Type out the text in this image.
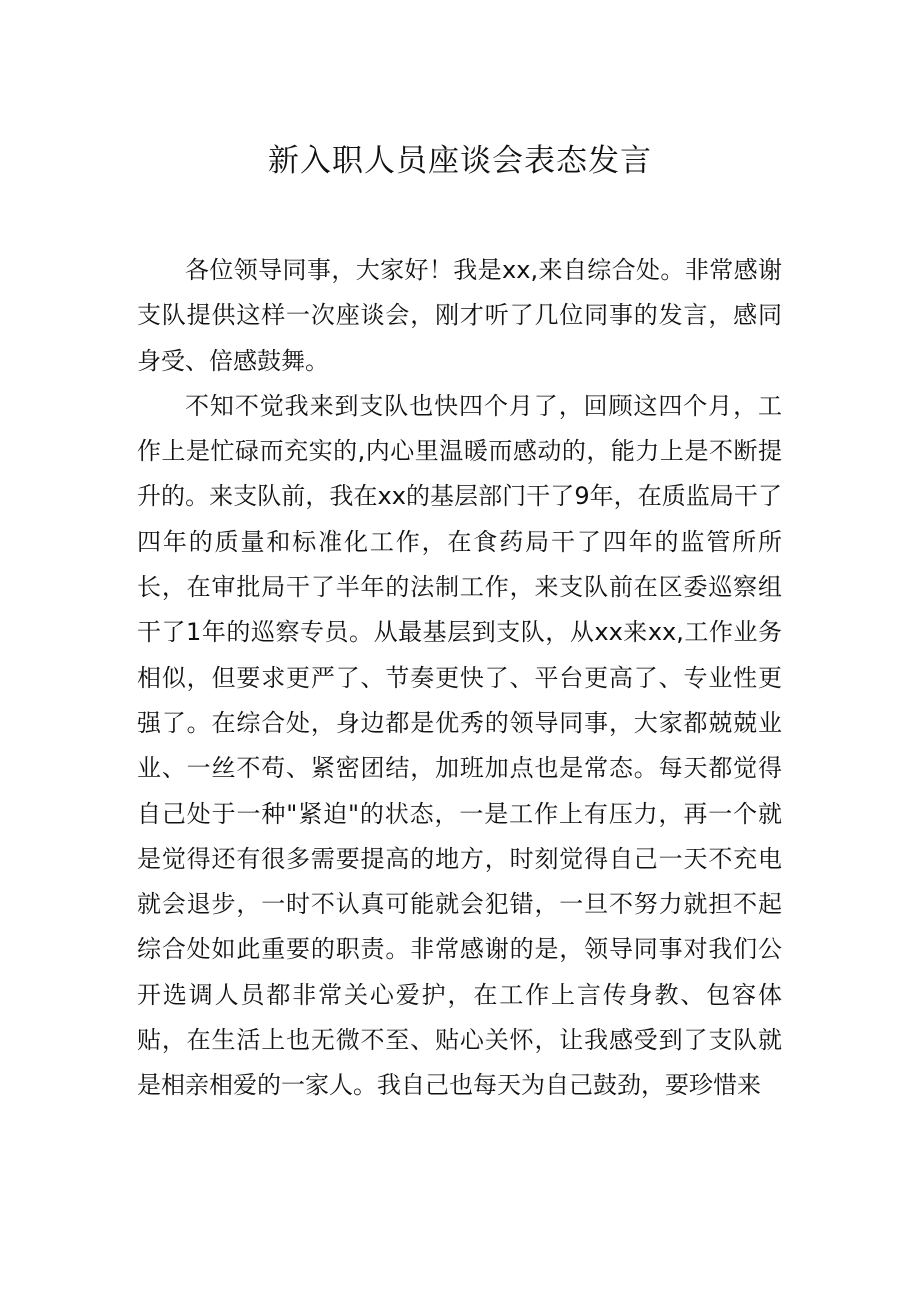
新入职人员座谈会表态发言

各位领导同事，大家好！我是xx,来自综合处。非常感谢支队提供这样一次座谈会，刚才听了几位同事的发言，感同身受、倍感鼓舞。

不知不觉我来到支队也快四个月了，回顾这四个月，工作上是忙碌而充实的,内心里温暖而感动的，能力上是不断提升的。来支队前，我在xx的基层部门干了9年，在质监局干了四年的质量和标准化工作，在食药局干了四年的监管所所长，在审批局干了半年的法制工作，来支队前在区委巡察组干了1年的巡察专员。从最基层到支队，从xx来xx,工作业务相似，但要求更严了、节奏更快了、平台更高了、专业性更强了。在综合处，身边都是优秀的领导同事，大家都兢兢业业、一丝不苟、紧密团结，加班加点也是常态。每天都觉得自己处于一种"紧迫"的状态，一是工作上有压力，再一个就是觉得还有很多需要提高的地方，时刻觉得自己一天不充电就会退步，一时不认真可能就会犯错，一旦不努力就担不起综合处如此重要的职责。非常感谢的是，领导同事对我们公开选调人员都非常关心爱护，在工作上言传身教、包容体贴，在生活上也无微不至、贴心关怀，让我感受到了支队就是相亲相爱的一家人。我自己也每天为自己鼓劲，要珍惜来
